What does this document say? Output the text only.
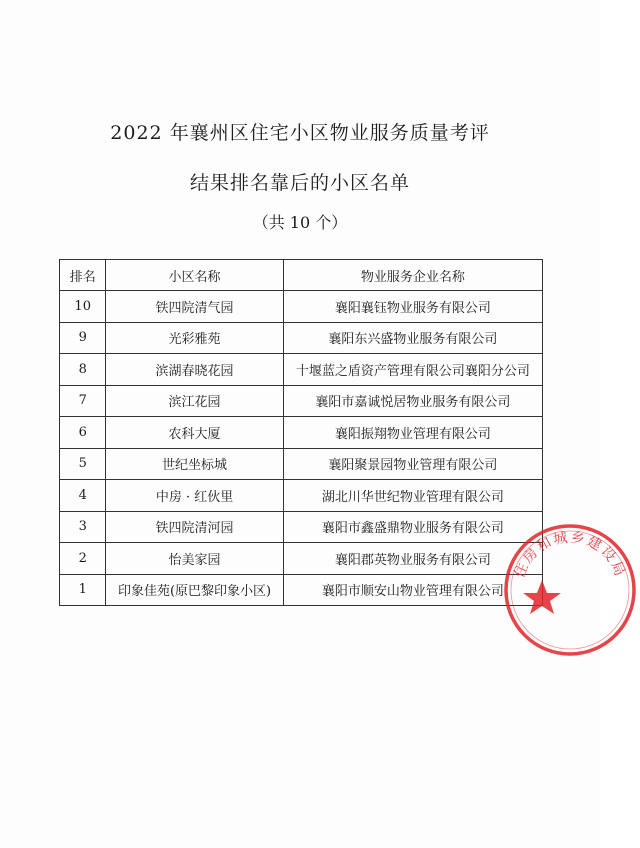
2022 年襄州区住宅小区物业服务质量考评
结果排名靠后的小区名单
（共 10 个）
排名	小区名称	物业服务企业名称
10	铁四院清气园	襄阳襄钰物业服务有限公司
9	光彩雅苑	襄阳东兴盛物业服务有限公司
8	滨湖春晓花园	十堰蓝之盾资产管理有限公司襄阳分公司
7	滨江花园	襄阳市嘉诚悦居物业服务有限公司
6	农科大厦	襄阳振翔物业管理有限公司
5	世纪坐标城	襄阳聚景园物业管理有限公司
4	中房 · 红伙里	湖北川华世纪物业管理有限公司
3	铁四院清河园	襄阳市鑫盛鼎物业服务有限公司
2	怡美家园	襄阳郡英物业服务有限公司
1	印象佳苑(原巴黎印象小区)	襄阳市顺安山物业管理有限公司
住房和城乡建设局
